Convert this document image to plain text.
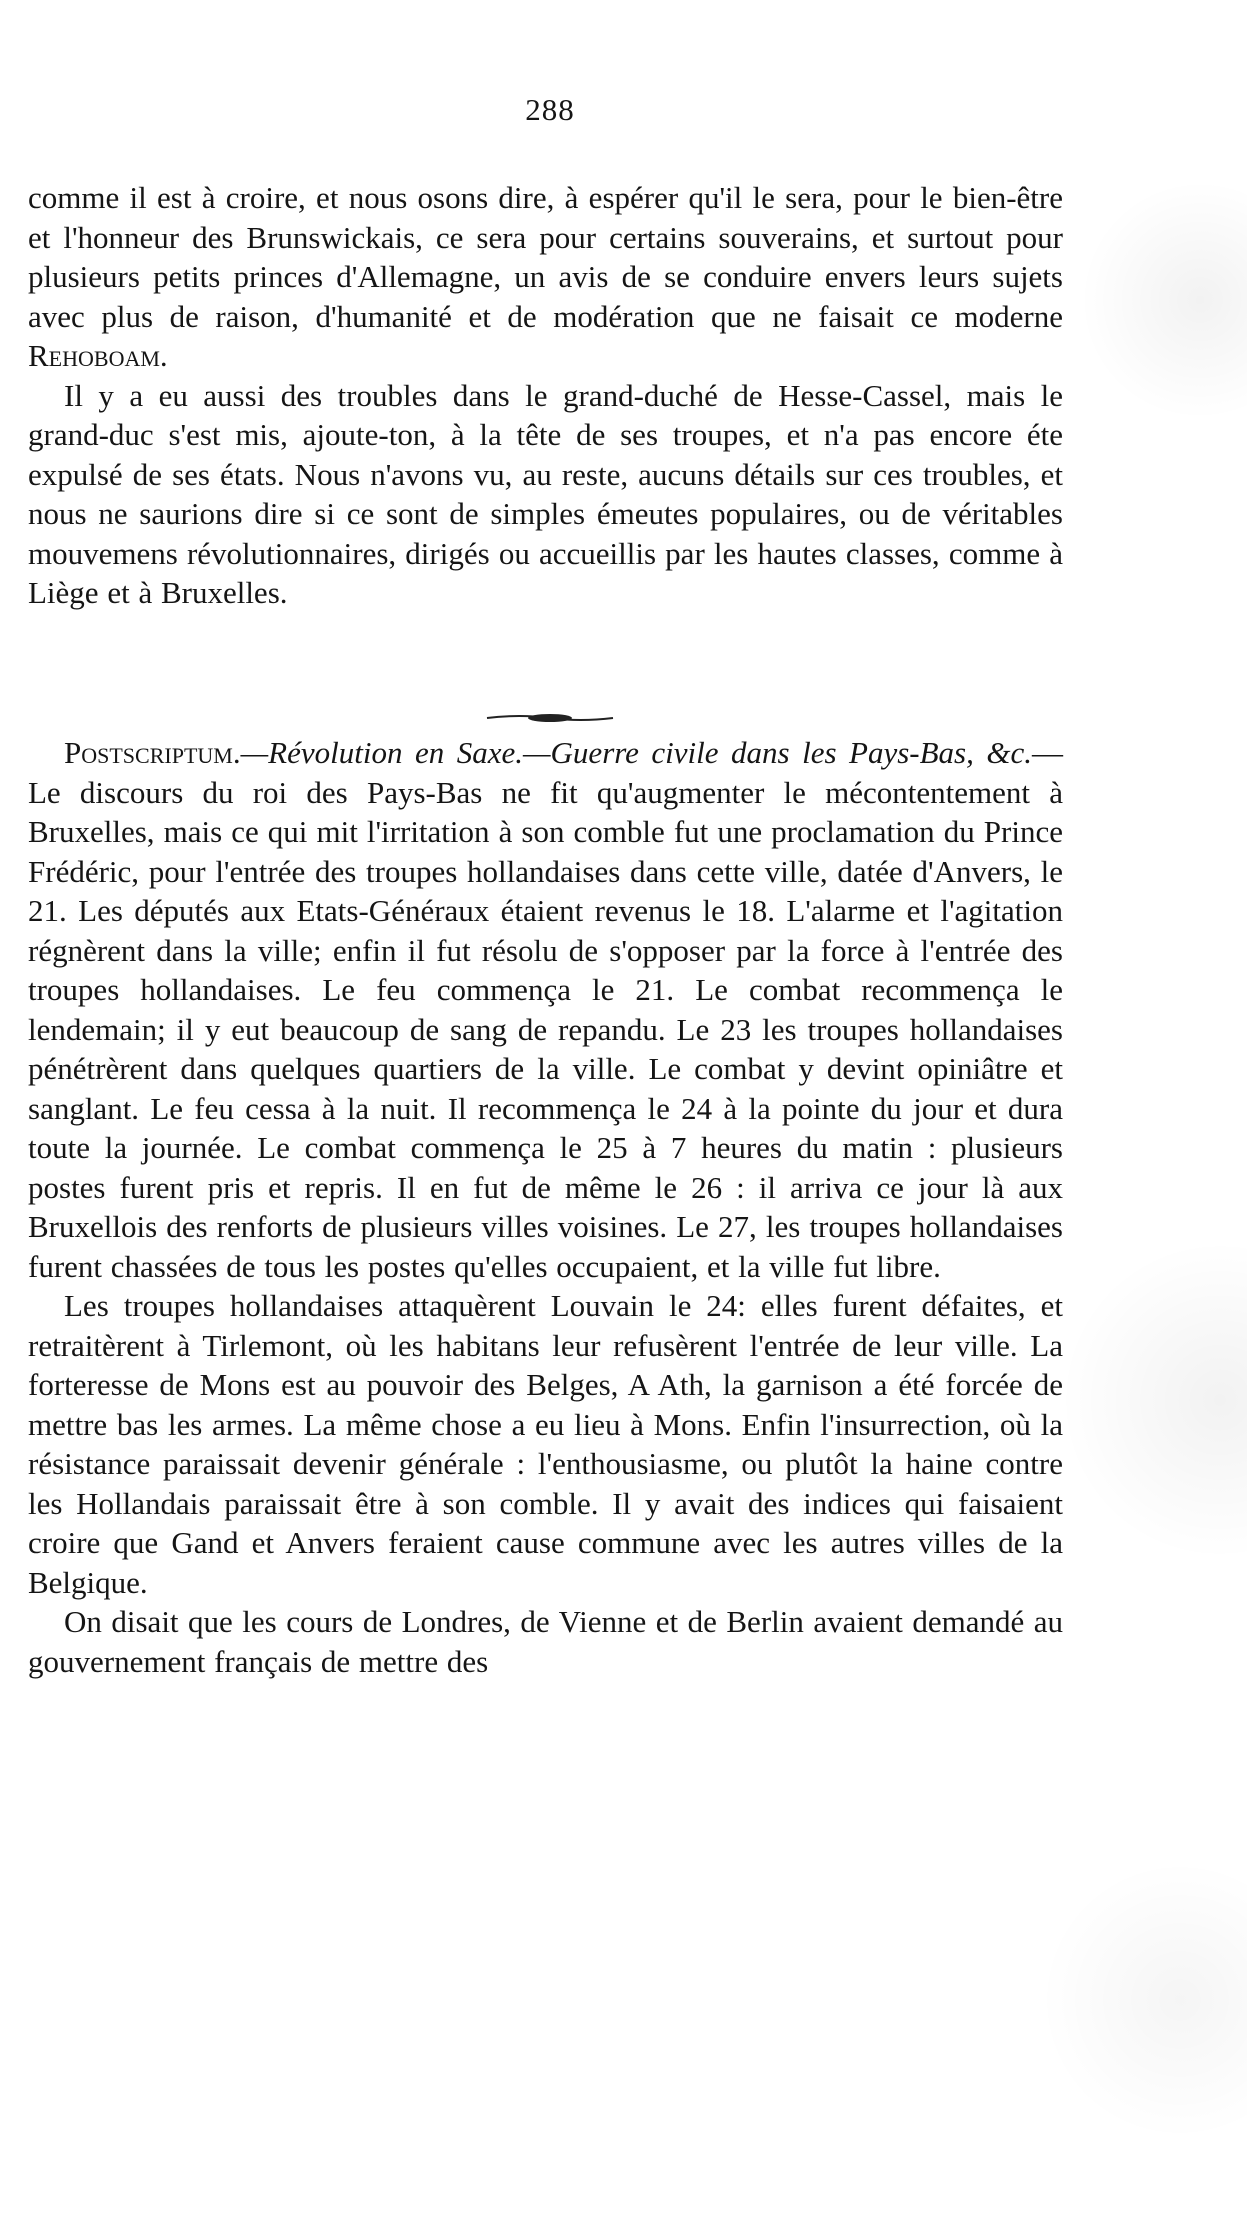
288

comme il est à croire, et nous osons dire, à espérer qu'il le sera, pour le bien-être et l'honneur des Brunswickais, ce sera pour certains souverains, et surtout pour plusieurs petits princes d'Allemagne, un avis de se conduire envers leurs sujets avec plus de raison, d'humanité et de modération que ne faisait ce moderne Rehoboam.

Il y a eu aussi des troubles dans le grand-duché de Hesse-Cassel, mais le grand-duc s'est mis, ajoute-ton, à la tête de ses troupes, et n'a pas encore éte expulsé de ses états. Nous n'avons vu, au reste, aucuns détails sur ces troubles, et nous ne saurions dire si ce sont de simples émeutes populaires, ou de véritables mouvemens révolutionnaires, dirigés ou accueillis par les hautes classes, comme à Liège et à Bruxelles.

Postscriptum.—Révolution en Saxe.—Guerre civile dans les Pays-Bas, &c.—Le discours du roi des Pays-Bas ne fit qu'augmenter le mécontentement à Bruxelles, mais ce qui mit l'irritation à son comble fut une proclamation du Prince Frédéric, pour l'entrée des troupes hollandaises dans cette ville, datée d'Anvers, le 21. Les députés aux Etats-Généraux étaient revenus le 18. L'alarme et l'agitation régnèrent dans la ville; enfin il fut résolu de s'opposer par la force à l'entrée des troupes hollandaises. Le feu commença le 21. Le combat recommença le lendemain; il y eut beaucoup de sang de repandu. Le 23 les troupes hollandaises pénétrèrent dans quelques quartiers de la ville. Le combat y devint opiniâtre et sanglant. Le feu cessa à la nuit. Il recommença le 24 à la pointe du jour et dura toute la journée. Le combat commença le 25 à 7 heures du matin : plusieurs postes furent pris et repris. Il en fut de même le 26 : il arriva ce jour là aux Bruxellois des renforts de plusieurs villes voisines. Le 27, les troupes hollandaises furent chassées de tous les postes qu'elles occupaient, et la ville fut libre.

Les troupes hollandaises attaquèrent Louvain le 24: elles furent défaites, et retraitèrent à Tirlemont, où les habitans leur refusèrent l'entrée de leur ville. La forteresse de Mons est au pouvoir des Belges, A Ath, la garnison a été forcée de mettre bas les armes. La même chose a eu lieu à Mons. Enfin l'insurrection, où la résistance paraissait devenir générale : l'enthousiasme, ou plutôt la haine contre les Hollandais paraissait être à son comble. Il y avait des indices qui faisaient croire que Gand et Anvers feraient cause commune avec les autres villes de la Belgique.

On disait que les cours de Londres, de Vienne et de Berlin avaient demandé au gouvernement français de mettre des
